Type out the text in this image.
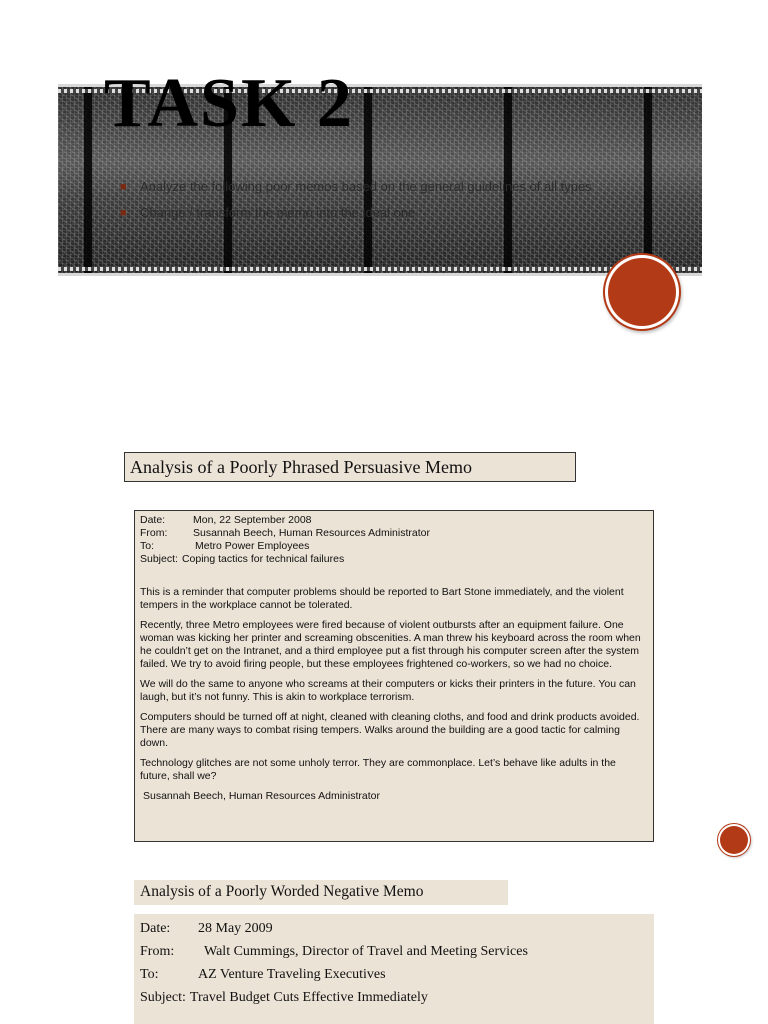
TASK 2
■	Analyze the following poor memos based on the general guidelines of all types
■	Change / transform the memo into the ideal one
Analysis of a Poorly Phrased Persuasive Memo
Date:	Mon, 22 September 2008
From:	Susannah Beech, Human Resources Administrator
To:	Metro Power Employees
Subject: Coping tactics for technical failures

This is a reminder that computer problems should be reported to Bart Stone immediately, and the violent tempers in the workplace cannot be tolerated.

Recently, three Metro employees were fired because of violent outbursts after an equipment failure. One woman was kicking her printer and screaming obscenities. A man threw his keyboard across the room when he couldn’t get on the Intranet, and a third employee put a fist through his computer screen after the system failed. We try to avoid firing people, but these employees frightened co-workers, so we had no choice.

We will do the same to anyone who screams at their computers or kicks their printers in the future. You can laugh, but it’s not funny. This is akin to workplace terrorism.

Computers should be turned off at night, cleaned with cleaning cloths, and food and drink products avoided. There are many ways to combat rising tempers. Walks around the building are a good tactic for calming down.

Technology glitches are not some unholy terror. They are commonplace. Let’s behave like adults in the future, shall we?

Susannah Beech, Human Resources Administrator
Analysis of a Poorly Worded Negative Memo
Date:	28 May 2009
From:	Walt Cummings, Director of Travel and Meeting Services
To:	AZ Venture Traveling Executives
Subject: Travel Budget Cuts Effective Immediately
